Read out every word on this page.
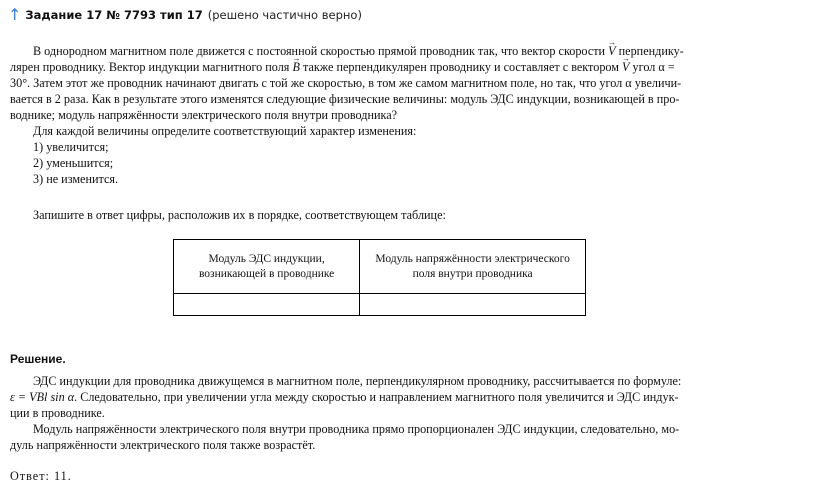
↑ Задание 17 № 7793 тип 17 (решено частично верно)
В однородном магнитном поле движется с постоянной скоростью прямой проводник так, что вектор скорости → V перпендику-
лярен проводнику. Вектор индукции магнитного поля → B также перпендикулярен проводнику и составляет с вектором → V угол α =
30°. Затем этот же проводник начинают двигать с той же скоростью, в том же самом магнитном поле, но так, что угол α увеличи-
вается в 2 раза. Как в результате этого изменятся следующие физические величины: модуль ЭДС индукции, возникающей в про-
воднике; модуль напряжённости электрического поля внутри проводника?
Для каждой величины определите соответствующий характер изменения:
1) увеличится;
2) уменьшится;
3) не изменится.
Запишите в ответ цифры, расположив их в порядке, соответствующем таблице:
Модуль ЭДС индукции, возникающей в проводнике	Модуль напряжённости электрического поля внутри проводника

Решение.
ЭДС индукции для проводника движущемся в магнитном поле, перпендикулярном проводнику, рассчитывается по формуле:
ε = VBl sin α. Следовательно, при увеличении угла между скоростью и направлением магнитного поля увеличится и ЭДС индук-
ции в проводнике.
Модуль напряжённости электрического поля внутри проводника прямо пропорционален ЭДС индукции, следовательно, мо-
дуль напряжённости электрического поля также возрастёт.
Ответ: 11.
